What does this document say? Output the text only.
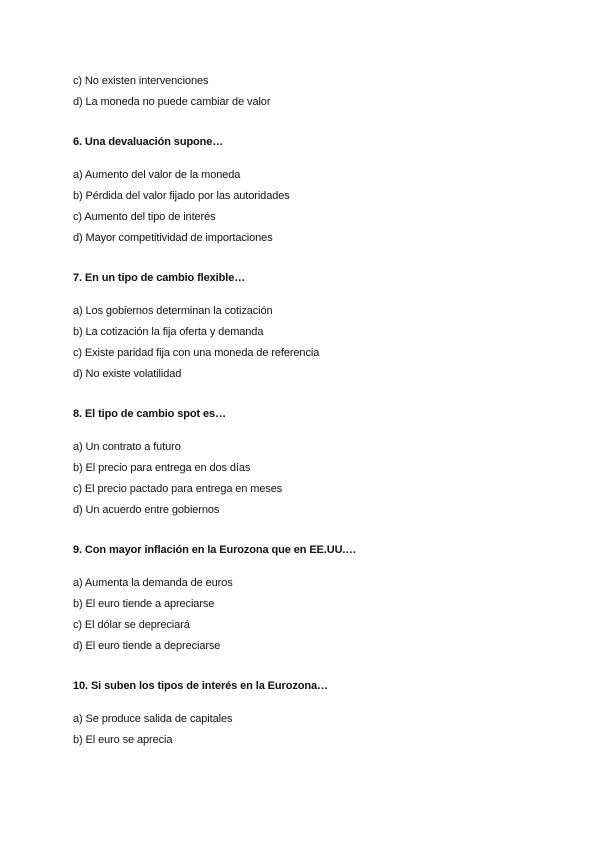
c) No existen intervenciones
d) La moneda no puede cambiar de valor
6. Una devaluación supone…
a) Aumento del valor de la moneda
b) Pérdida del valor fijado por las autoridades
c) Aumento del tipo de interés
d) Mayor competitividad de importaciones
7. En un tipo de cambio flexible…
a) Los gobiernos determinan la cotización
b) La cotización la fija oferta y demanda
c) Existe paridad fija con una moneda de referencia
d) No existe volatilidad
8. El tipo de cambio spot es…
a) Un contrato a futuro
b) El precio para entrega en dos días
c) El precio pactado para entrega en meses
d) Un acuerdo entre gobiernos
9. Con mayor inflación en la Eurozona que en EE.UU.…
a) Aumenta la demanda de euros
b) El euro tiende a apreciarse
c) El dólar se depreciará
d) El euro tiende a depreciarse
10. Si suben los tipos de interés en la Eurozona…
a) Se produce salida de capitales
b) El euro se aprecia
